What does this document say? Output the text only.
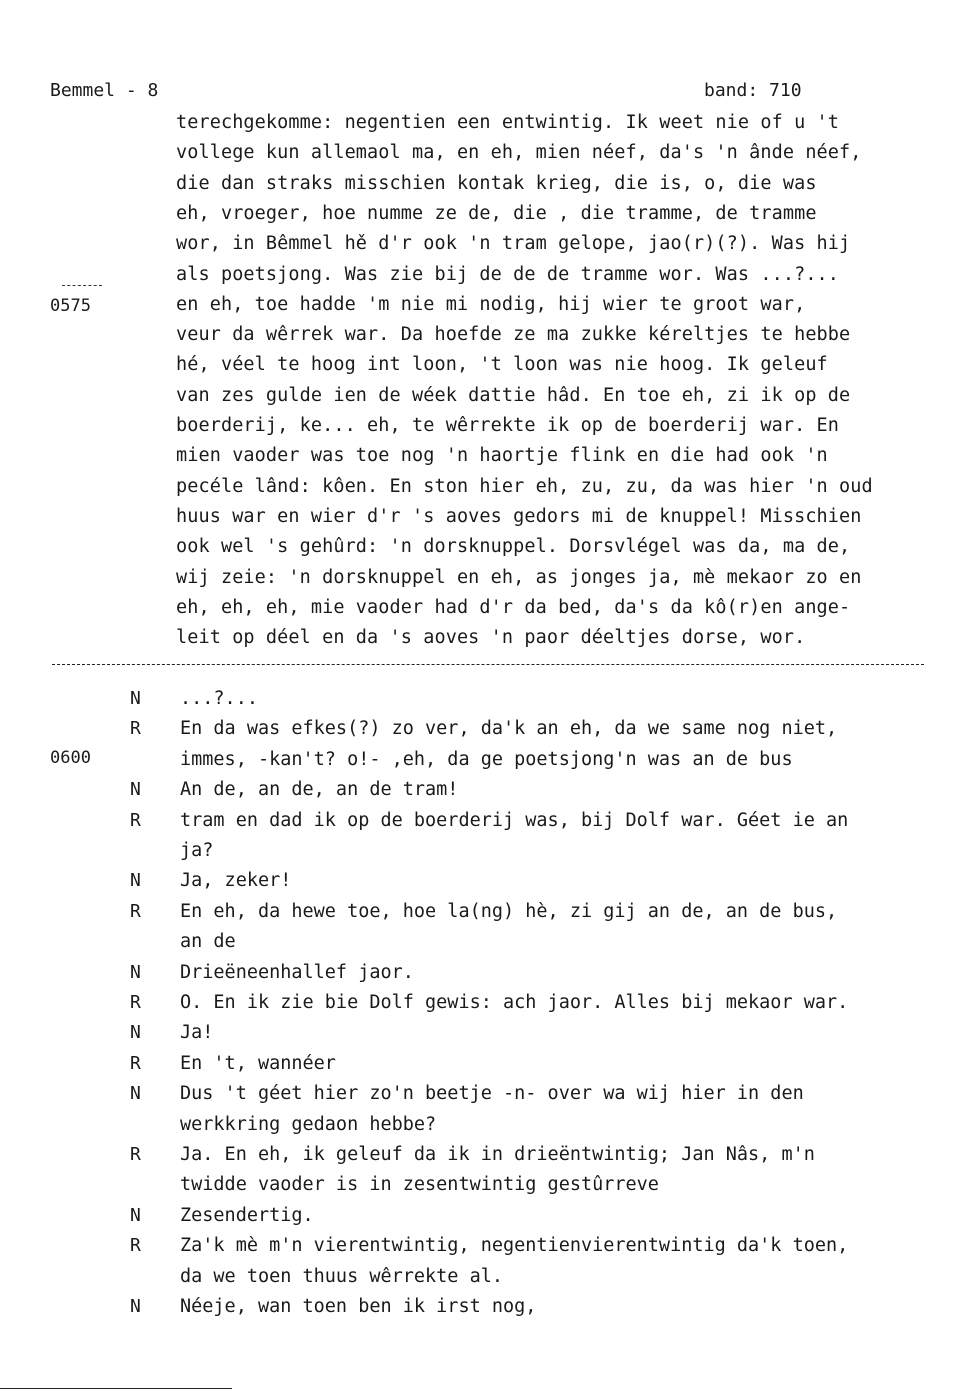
Bemmel - 8	band: 710
terechgekomme: negentien een entwintig. Ik weet nie of u 't
vollege kun allemaol ma, en eh, mien néef, da's 'n ânde néef,
die dan straks misschien kontak krieg, die is, o, die was
eh, vroeger, hoe numme ze de, die , die tramme, de tramme
wor, in Bêmmel hě d'r ook 'n tram gelope, jao(r)(?). Was hij
als poetsjong. Was zie bij de de de tramme wor. Was ...?...
en eh, toe hadde 'm nie mi nodig, hij wier te groot war,
veur da wêrrek war. Da hoefde ze ma zukke kéreltjes te hebbe
hé, véel te hoog int loon, 't loon was nie hoog. Ik geleuf
van zes gulde ien de wéek dattie hâd. En toe eh, zi ik op de
boerderij, ke... eh, te wêrrekte ik op de boerderij war. En
mien vaoder was toe nog 'n haortje flink en die had ook 'n
pecéle lând: kôen. En ston hier eh, zu, zu, da was hier 'n oud
huus war en wier d'r 's aoves gedors mi de knuppel! Misschien
ook wel 's gehûrd: 'n dorsknuppel. Dorsvlégel was da, ma de,
wij zeie: 'n dorsknuppel en eh, as jonges ja, mè mekaor zo en
eh, eh, eh, mie vaoder had d'r da bed, da's da kô(r)en ange-
leit op déel en da 's aoves 'n paor déeltjes dorse, wor.
0575
0600
N ...?...
R En da was efkes(?) zo ver, da'k an eh, da we same nog niet,
immes, -kan't? o!- ,eh, da ge poetsjong'n was an de bus
N An de, an de, an de tram!
R tram en dad ik op de boerderij was, bij Dolf war. Géet ie an
ja?
N Ja, zeker!
R En eh, da hewe toe, hoe la(ng) hè, zi gij an de, an de bus,
an de
N Drieëneenhallef jaor.
R O. En ik zie bie Dolf gewis: ach jaor. Alles bij mekaor war.
N Ja!
R En 't, wannéer
N Dus 't géet hier zo'n beetje -n- over wa wij hier in den
werkkring gedaon hebbe?
R Ja. En eh, ik geleuf da ik in drieëntwintig; Jan Nâs, m'n
twidde vaoder is in zesentwintig gestûrreve
N Zesendertig.
R Za'k mè m'n vierentwintig, negentienvierentwintig da'k toen,
da we toen thuus wêrrekte al.
N Néeje, wan toen ben ik irst nog,
